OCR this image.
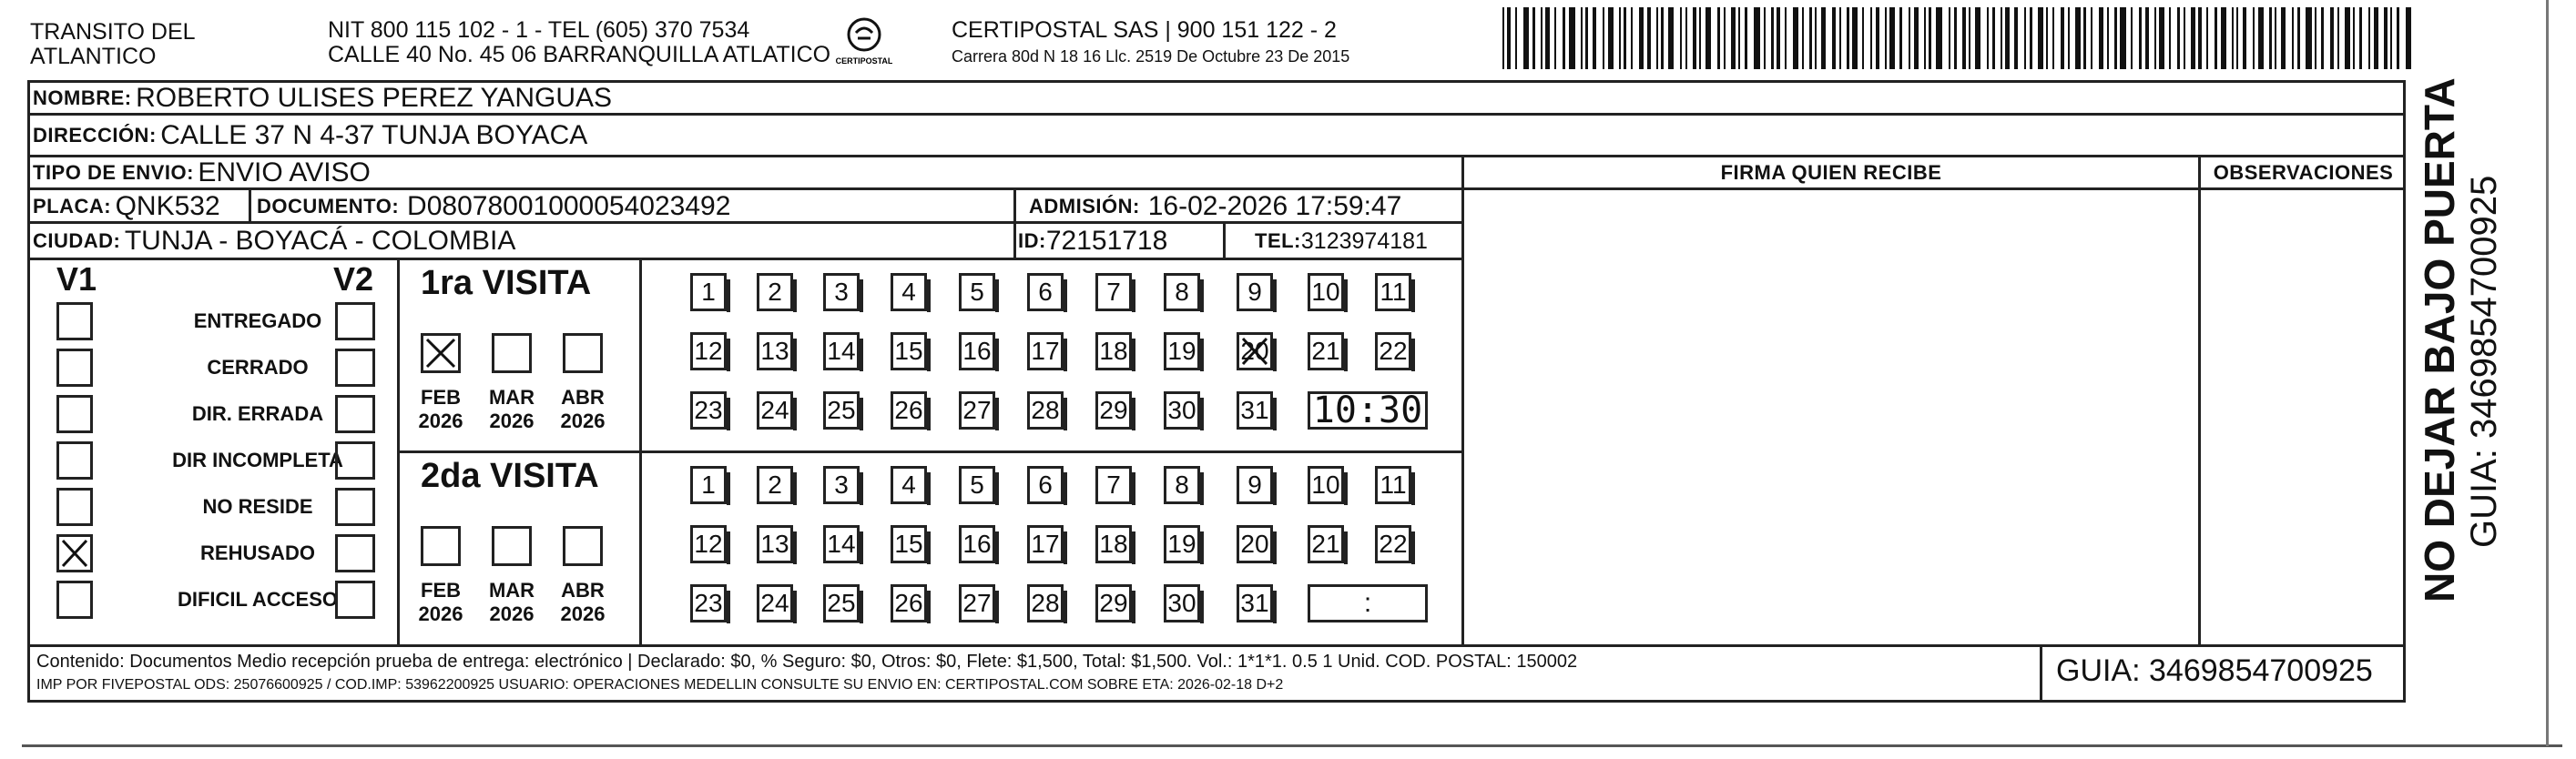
TRANSITO DEL
ATLANTICO
NIT 800 115 102 - 1 - TEL (605) 370 7534
CALLE 40 No. 45 06 BARRANQUILLA ATLATICO CERTIPOSTAL
CERTIPOSTAL SAS | 900 151 122 - 2
Carrera 80d N 18 16 Llc. 2519 De Octubre 23 De 2015
NOMBRE:
ROBERTO ULISES PEREZ YANGUAS
DIRECCIÓN:
CALLE 37 N 4-37 TUNJA BOYACA
TIPO DE ENVIO:
ENVIO AVISO	FIRMA QUIEN RECIBE	OBSERVACIONES
PLACA:
QNK532 DOCUMENTO:
D08078001000054023492	ADMISIÓN:
16-02-2026 17:59:47
CIUDAD:
TUNJA - BOYACÁ - COLOMBIA	ID: 72151718	TEL: 3123974181
V1	V2
ENTREGADO
CERRADO
DIR. ERRADA
DIR INCOMPLETA
NO RESIDE
REHUSADO
DIFICIL ACCESO
1ra VISITA
FEB
2026
MAR
2026
ABR
2026
1 2 3 4 5 6 7 8 9 10 11
12 13 14 15 16 17 18 19 20 21 22
23 24 25 26 27 28 29 30 31 10:30
2da VISITA
FEB
2026
MAR
2026
ABR
2026
1 2 3 4 5 6 7 8 9 10 11
12 13 14 15 16 17 18 19 20 21 22
23 24 25 26 27 28 29 30 31	:
Contenido: Documentos Medio recepción prueba de entrega: electrónico | Declarado: $0, % Seguro: $0, Otros: $0, Flete: $1,500, Total: $1,500. Vol.: 1*1*1. 0.5 1 Unid. COD. POSTAL: 150002
IMP POR FIVEPOSTAL ODS: 25076600925 / COD.IMP: 53962200925 USUARIO: OPERACIONES MEDELLIN CONSULTE SU ENVIO EN: CERTIPOSTAL.COM SOBRE ETA: 2026-02-18 D+2	GUIA: 3469854700925
NO DEJAR BAJO PUERTA GUIA: 3469854700925
